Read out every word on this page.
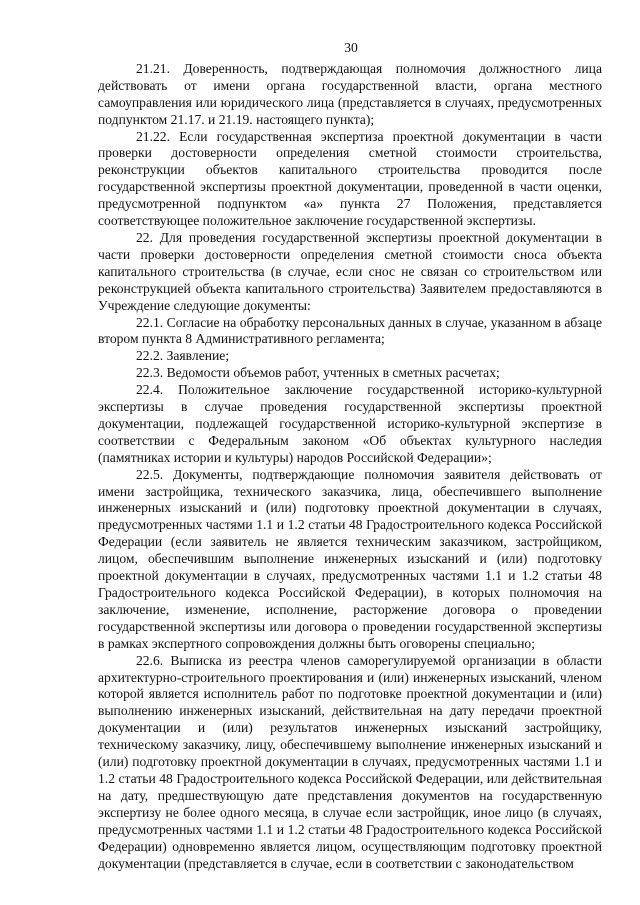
30

21.21. Доверенность, подтверждающая полномочия должностного лица действовать от имени органа государственной власти, органа местного самоуправления или юридического лица (представляется в случаях, предусмотренных подпунктом 21.17. и 21.19. настоящего пункта);

21.22. Если государственная экспертиза проектной документации в части проверки достоверности определения сметной стоимости строительства, реконструкции объектов капитального строительства проводится после государственной экспертизы проектной документации, проведенной в части оценки, предусмотренной подпунктом «а» пункта 27 Положения, представляется соответствующее положительное заключение государственной экспертизы.

22. Для проведения государственной экспертизы проектной документации в части проверки достоверности определения сметной стоимости сноса объекта капитального строительства (в случае, если снос не связан со строительством или реконструкцией объекта капитального строительства) Заявителем предоставляются в Учреждение следующие документы:

22.1. Согласие на обработку персональных данных в случае, указанном в абзаце втором пункта 8 Административного регламента;

22.2. Заявление;

22.3. Ведомости объемов работ, учтенных в сметных расчетах;

22.4. Положительное заключение государственной историко-культурной экспертизы в случае проведения государственной экспертизы проектной документации, подлежащей государственной историко-культурной экспертизе в соответствии с Федеральным законом «Об объектах культурного наследия (памятниках истории и культуры) народов Российской Федерации»;

22.5. Документы, подтверждающие полномочия заявителя действовать от имени застройщика, технического заказчика, лица, обеспечившего выполнение инженерных изысканий и (или) подготовку проектной документации в случаях, предусмотренных частями 1.1 и 1.2 статьи 48 Градостроительного кодекса Российской Федерации (если заявитель не является техническим заказчиком, застройщиком, лицом, обеспечившим выполнение инженерных изысканий и (или) подготовку проектной документации в случаях, предусмотренных частями 1.1 и 1.2 статьи 48 Градостроительного кодекса Российской Федерации), в которых полномочия на заключение, изменение, исполнение, расторжение договора о проведении государственной экспертизы или договора о проведении государственной экспертизы в рамках экспертного сопровождения должны быть оговорены специально;

22.6. Выписка из реестра членов саморегулируемой организации в области архитектурно-строительного проектирования и (или) инженерных изысканий, членом которой является исполнитель работ по подготовке проектной документации и (или) выполнению инженерных изысканий, действительная на дату передачи проектной документации и (или) результатов инженерных изысканий застройщику, техническому заказчику, лицу, обеспечившему выполнение инженерных изысканий и (или) подготовку проектной документации в случаях, предусмотренных частями 1.1 и 1.2 статьи 48 Градостроительного кодекса Российской Федерации, или действительная на дату, предшествующую дате представления документов на государственную экспертизу не более одного месяца, в случае если застройщик, иное лицо (в случаях, предусмотренных частями 1.1 и 1.2 статьи 48 Градостроительного кодекса Российской Федерации) одновременно является лицом, осуществляющим подготовку проектной документации (представляется в случае, если в соответствии с законодательством
